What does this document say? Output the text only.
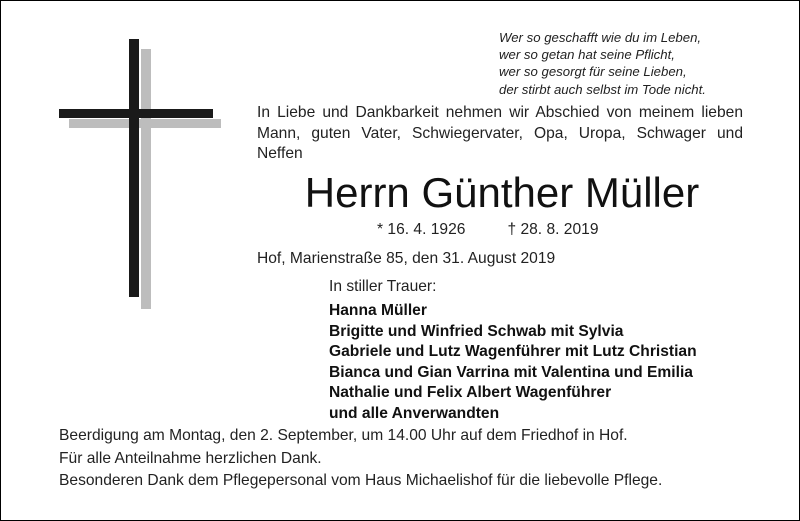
Wer so geschafft wie du im Leben,
wer so getan hat seine Pflicht,
wer so gesorgt für seine Lieben,
der stirbt auch selbst im Tode nicht.
In Liebe und Dankbarkeit nehmen wir Abschied von meinem lieben Mann, guten Vater, Schwiegervater, Opa, Uropa, Schwager und Neffen
Herrn Günther Müller
* 16. 4. 1926	† 28. 8. 2019
Hof, Marienstraße 85, den 31. August 2019
In stiller Trauer:
Hanna Müller
Brigitte und Winfried Schwab mit Sylvia
Gabriele und Lutz Wagenführer mit Lutz Christian
Bianca und Gian Varrina mit Valentina und Emilia
Nathalie und Felix Albert Wagenführer
und alle Anverwandten
Beerdigung am Montag, den 2. September, um 14.00 Uhr auf dem Friedhof in Hof.
Für alle Anteilnahme herzlichen Dank.
Besonderen Dank dem Pflegepersonal vom Haus Michaelishof für die liebevolle Pflege.
